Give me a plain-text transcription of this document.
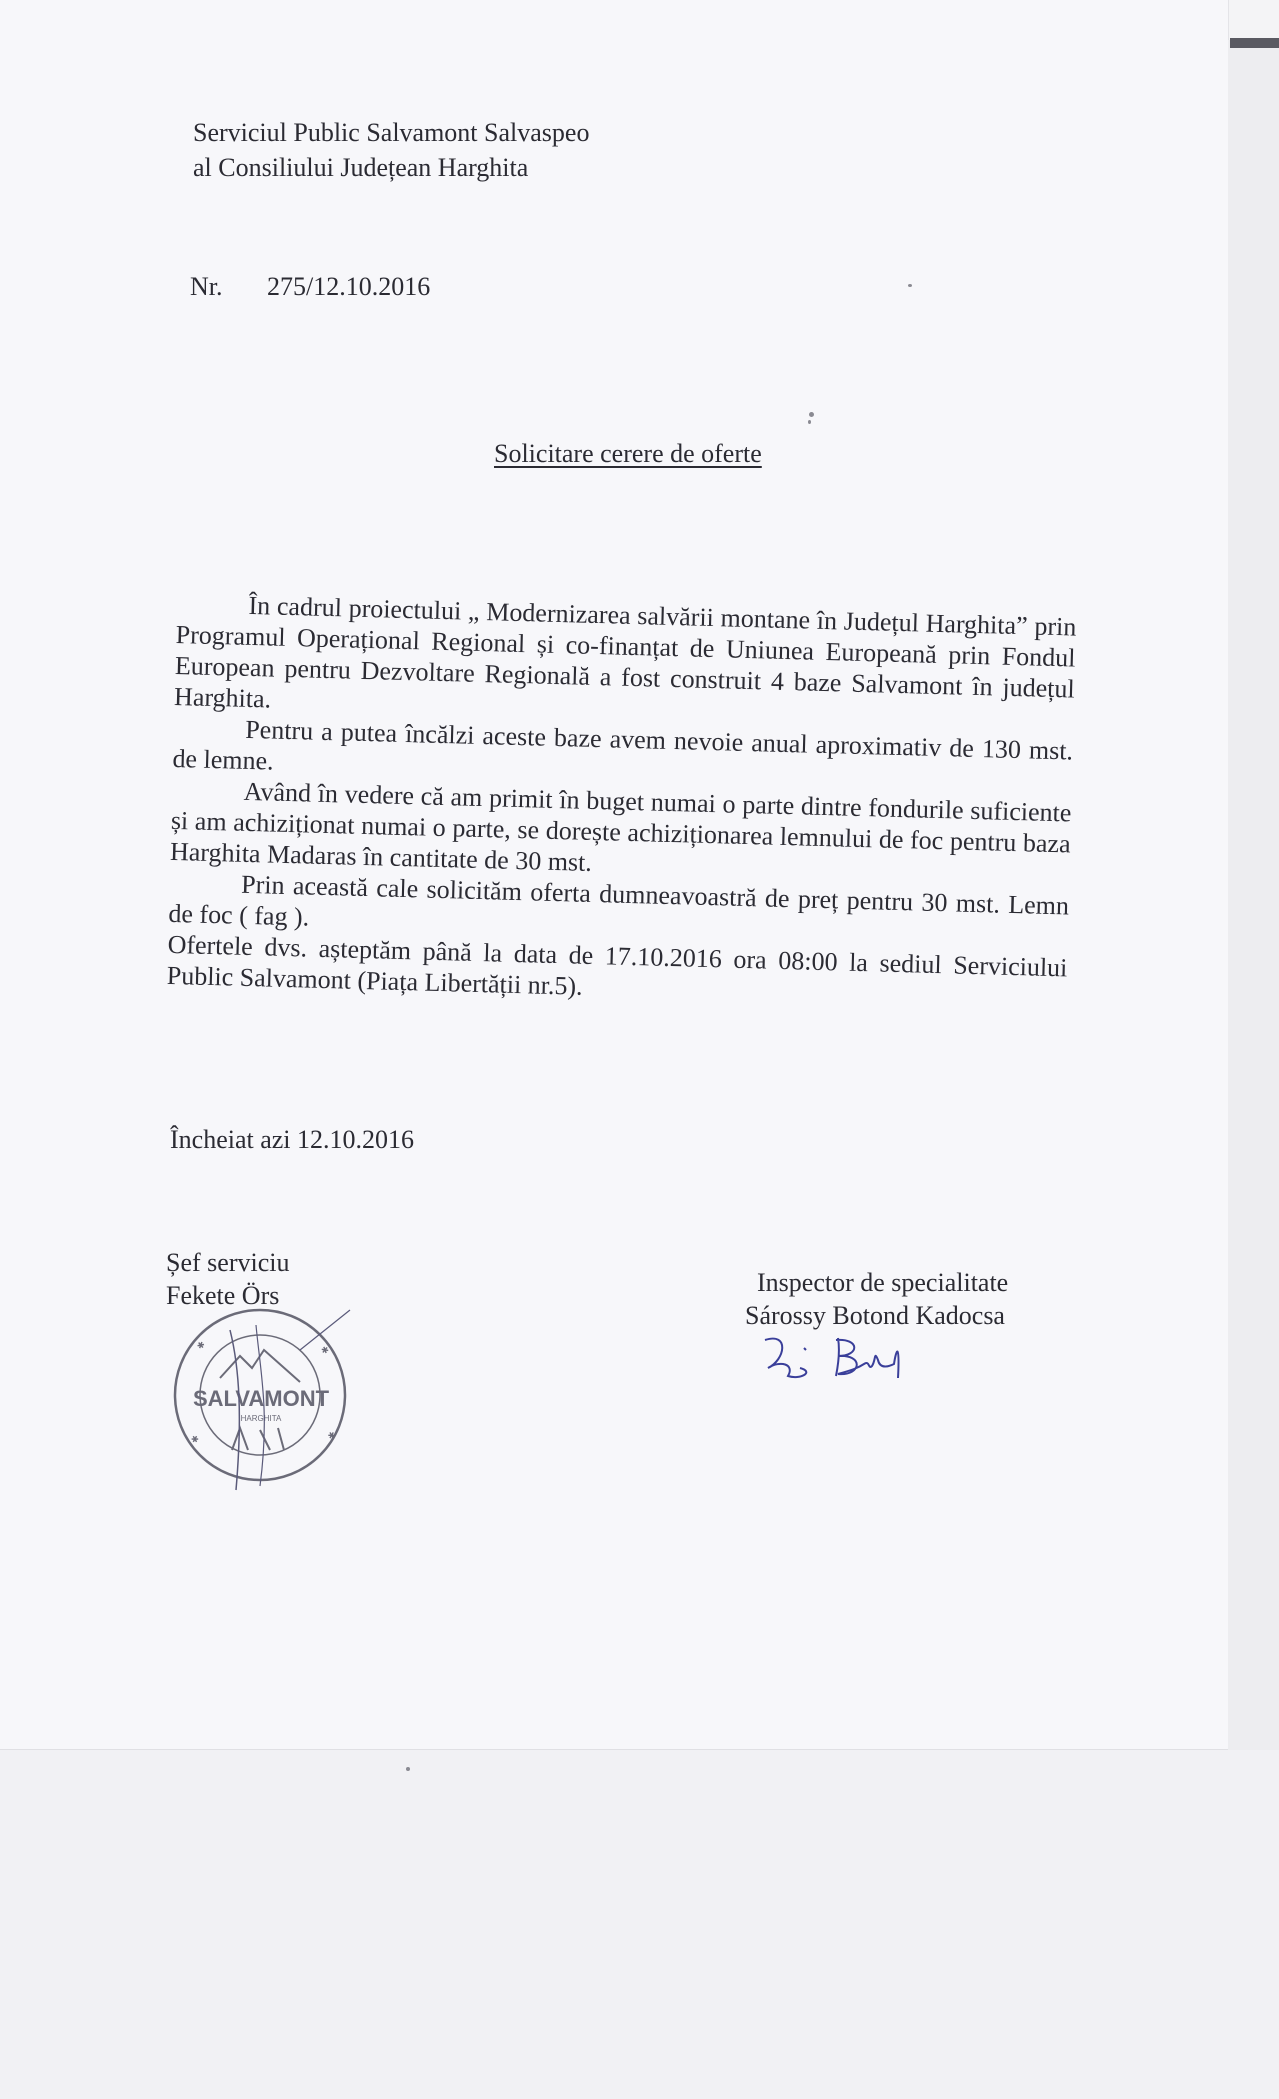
Serviciul Public Salvamont Salvaspeo
al Consiliului Județean Harghita
Nr. 275/12.10.2016
Solicitare cerere de oferte

În cadrul proiectului „ Modernizarea salvării montane în Județul Harghita” prin Programul Operațional Regional și co-finanțat de Uniunea Europeană prin Fondul European pentru Dezvoltare Regională a fost construit 4 baze Salvamont în județul Harghita.

Pentru a putea încălzi aceste baze avem nevoie anual aproximativ de 130 mst. de lemne.

Având în vedere că am primit în buget numai o parte dintre fondurile suficiente și am achiziționat numai o parte, se dorește achiziționarea lemnului de foc pentru baza Harghita Madaras în cantitate de 30 mst.

Prin această cale solicităm oferta dumneavoastră de preț pentru 30 mst. Lemn de foc ( fag ).

Ofertele dvs. așteptăm până la data de 17.10.2016 ora 08:00 la sediul Serviciului Public Salvamont (Piața Libertății nr.5).

Încheiat azi 12.10.2016
Șef serviciu
Fekete Örs	Inspector de specialitate
Sárossy Botond Kadocsa
SALVAMONT
HARGHITA
✱	✱
✱	✱
